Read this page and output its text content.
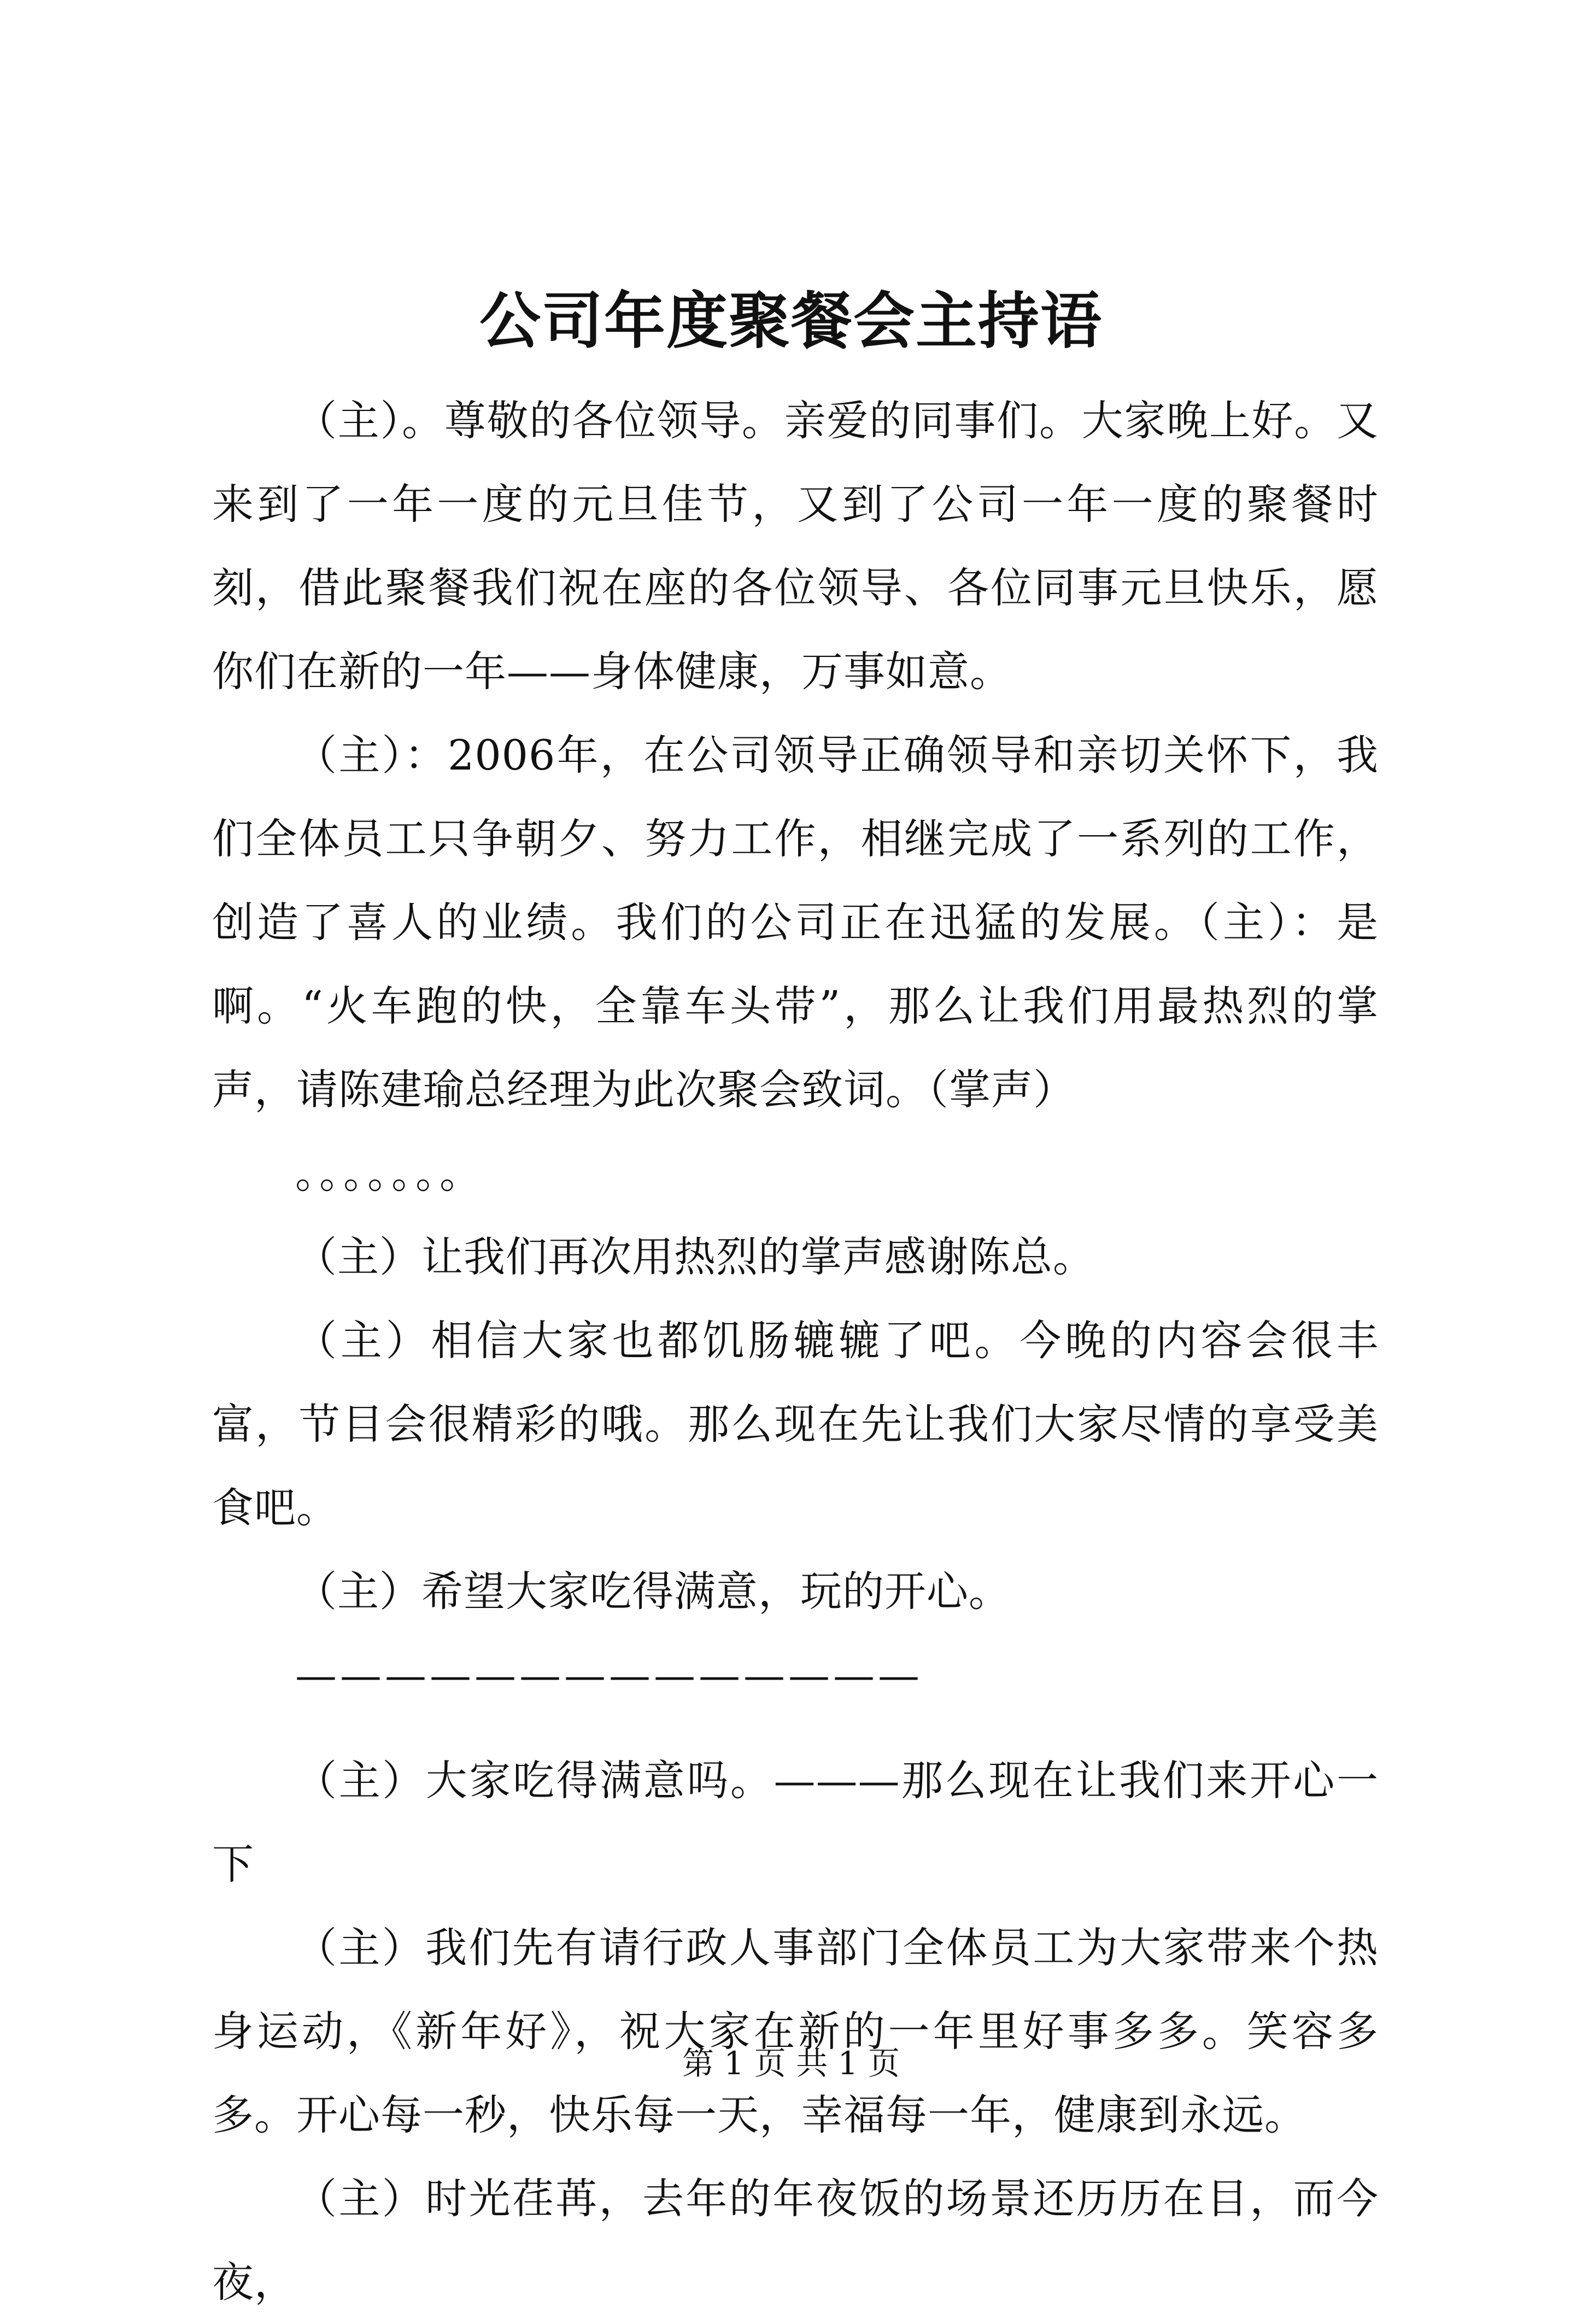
公司年度聚餐会主持语

（主）。尊敬的各位领导。亲爱的同事们。大家晚上好。又来到了一年一度的元旦佳节，又到了公司一年一度的聚餐时刻，借此聚餐我们祝在座的各位领导、各位同事元旦快乐，愿你们在新的一年——身体健康，万事如意。

（主）：2006年，在公司领导正确领导和亲切关怀下，我们全体员工只争朝夕、努力工作，相继完成了一系列的工作，创造了喜人的业绩。我们的公司正在迅猛的发展。（主）：是啊。“火车跑的快，全靠车头带”，那么让我们用最热烈的掌声，请陈建瑜总经理为此次聚会致词。（掌声）

。。。。。。。

（主）让我们再次用热烈的掌声感谢陈总。

（主）相信大家也都饥肠辘辘了吧。今晚的内容会很丰富，节目会很精彩的哦。那么现在先让我们大家尽情的享受美食吧。

（主）希望大家吃得满意，玩的开心。

——————————————

（主）大家吃得满意吗。———那么现在让我们来开心一下

（主）我们先有请行政人事部门全体员工为大家带来个热身运动，《新年好》，祝大家在新的一年里好事多多。笑容多多。开心每一秒，快乐每一天，幸福每一年，健康到永远。

（主）时光荏苒，去年的年夜饭的场景还历历在目，而今夜，

第 1 页 共 1 页
